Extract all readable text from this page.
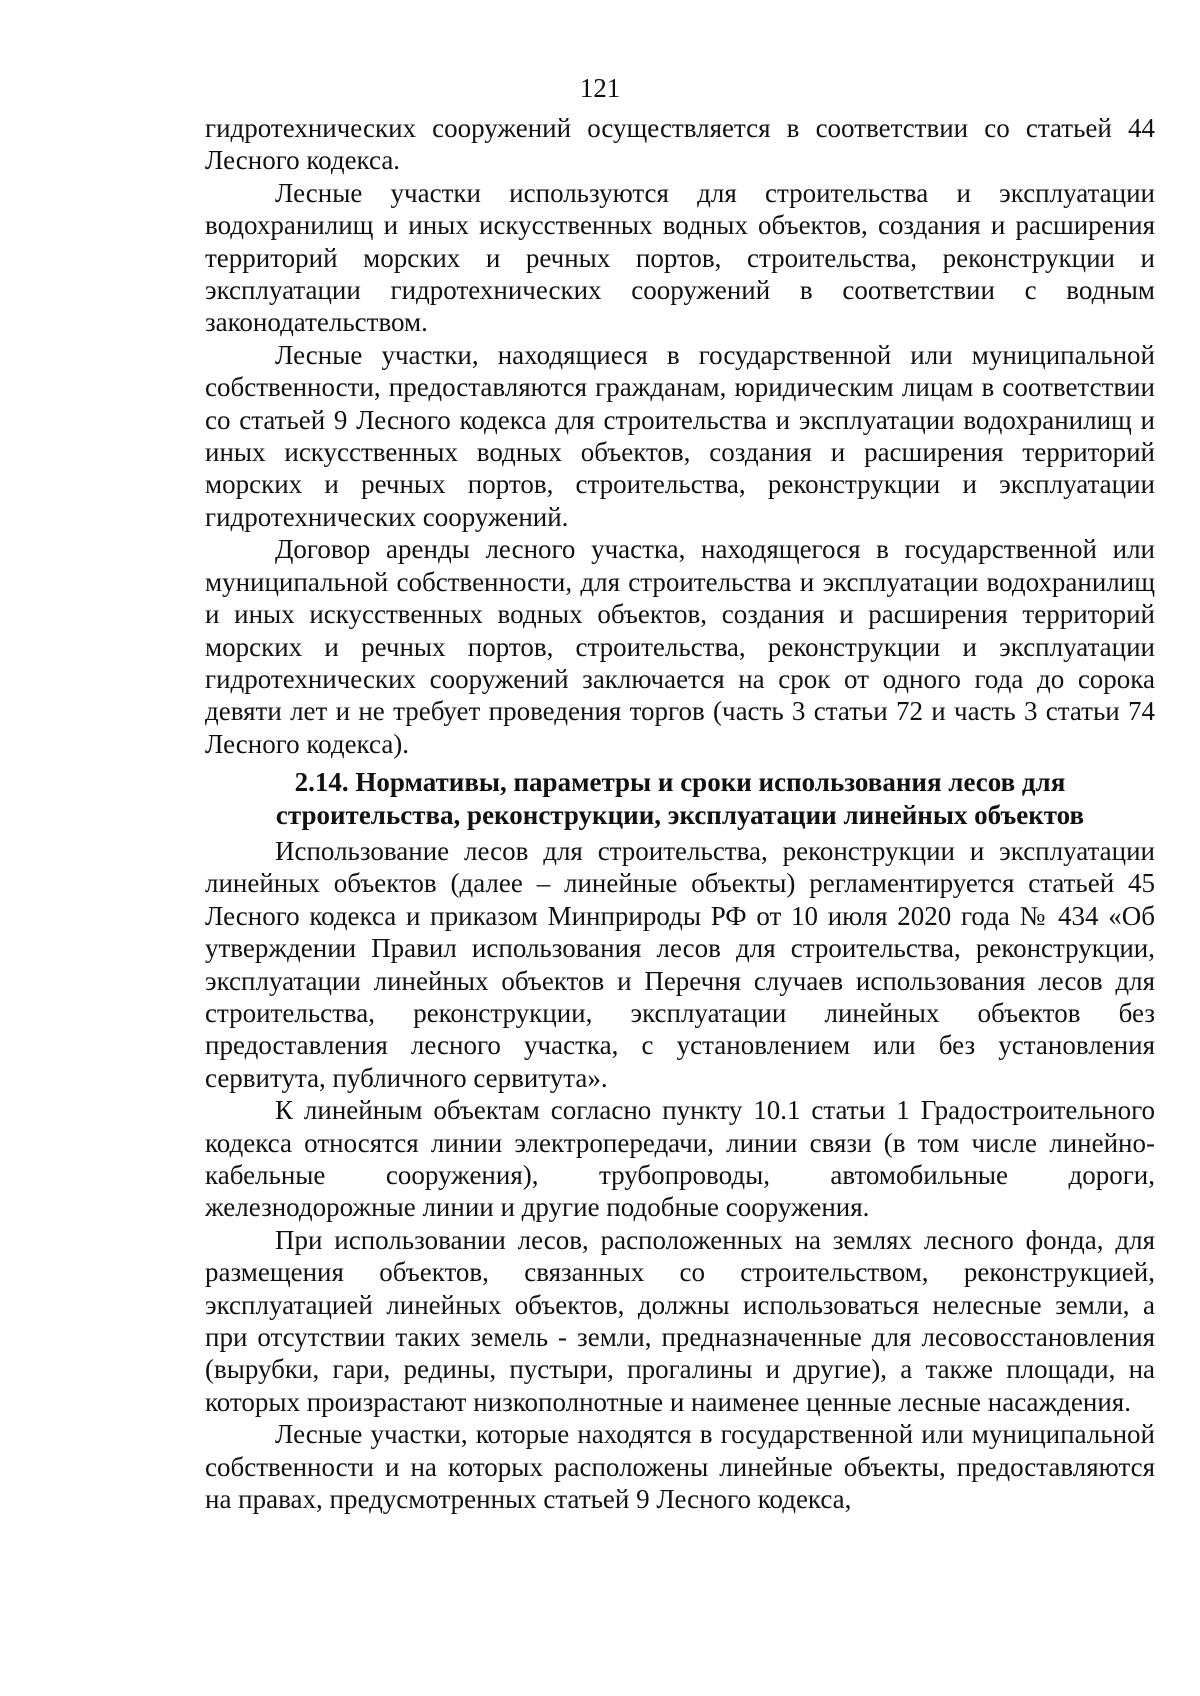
121

гидротехнических сооружений осуществляется в соответствии со статьей 44 Лесного кодекса.

Лесные участки используются для строительства и эксплуатации водохранилищ и иных искусственных водных объектов, создания и расширения территорий морских и речных портов, строительства, реконструкции и эксплуатации гидротехнических сооружений в соответствии с водным законодательством.

Лесные участки, находящиеся в государственной или муниципальной собственности, предоставляются гражданам, юридическим лицам в соответствии со статьей 9 Лесного кодекса для строительства и эксплуатации водохранилищ и иных искусственных водных объектов, создания и расширения территорий морских и речных портов, строительства, реконструкции и эксплуатации гидротехнических сооружений.

Договор аренды лесного участка, находящегося в государственной или муниципальной собственности, для строительства и эксплуатации водохранилищ и иных искусственных водных объектов, создания и расширения территорий морских и речных портов, строительства, реконструкции и эксплуатации гидротехнических сооружений заключается на срок от одного года до сорока девяти лет и не требует проведения торгов (часть 3 статьи 72 и часть 3 статьи 74 Лесного кодекса).

2.14. Нормативы, параметры и сроки использования лесов для строительства, реконструкции, эксплуатации линейных объектов

Использование лесов для строительства, реконструкции и эксплуатации линейных объектов (далее – линейные объекты) регламентируется статьей 45 Лесного кодекса и приказом Минприроды РФ от 10 июля 2020 года № 434 «Об утверждении Правил использования лесов для строительства, реконструкции, эксплуатации линейных объектов и Перечня случаев использования лесов для строительства, реконструкции, эксплуатации линейных объектов без предоставления лесного участка, с установлением или без установления сервитута, публичного сервитута».

К линейным объектам согласно пункту 10.1 статьи 1 Градостроительного кодекса относятся линии электропередачи, линии связи (в том числе линейно-кабельные сооружения), трубопроводы, автомобильные дороги, железнодорожные линии и другие подобные сооружения.

При использовании лесов, расположенных на землях лесного фонда, для размещения объектов, связанных со строительством, реконструкцией, эксплуатацией линейных объектов, должны использоваться нелесные земли, а при отсутствии таких земель - земли, предназначенные для лесовосстановления (вырубки, гари, редины, пустыри, прогалины и другие), а также площади, на которых произрастают низкополнотные и наименее ценные лесные насаждения.

Лесные участки, которые находятся в государственной или муниципальной собственности и на которых расположены линейные объекты, предоставляются на правах, предусмотренных статьей 9 Лесного кодекса,
